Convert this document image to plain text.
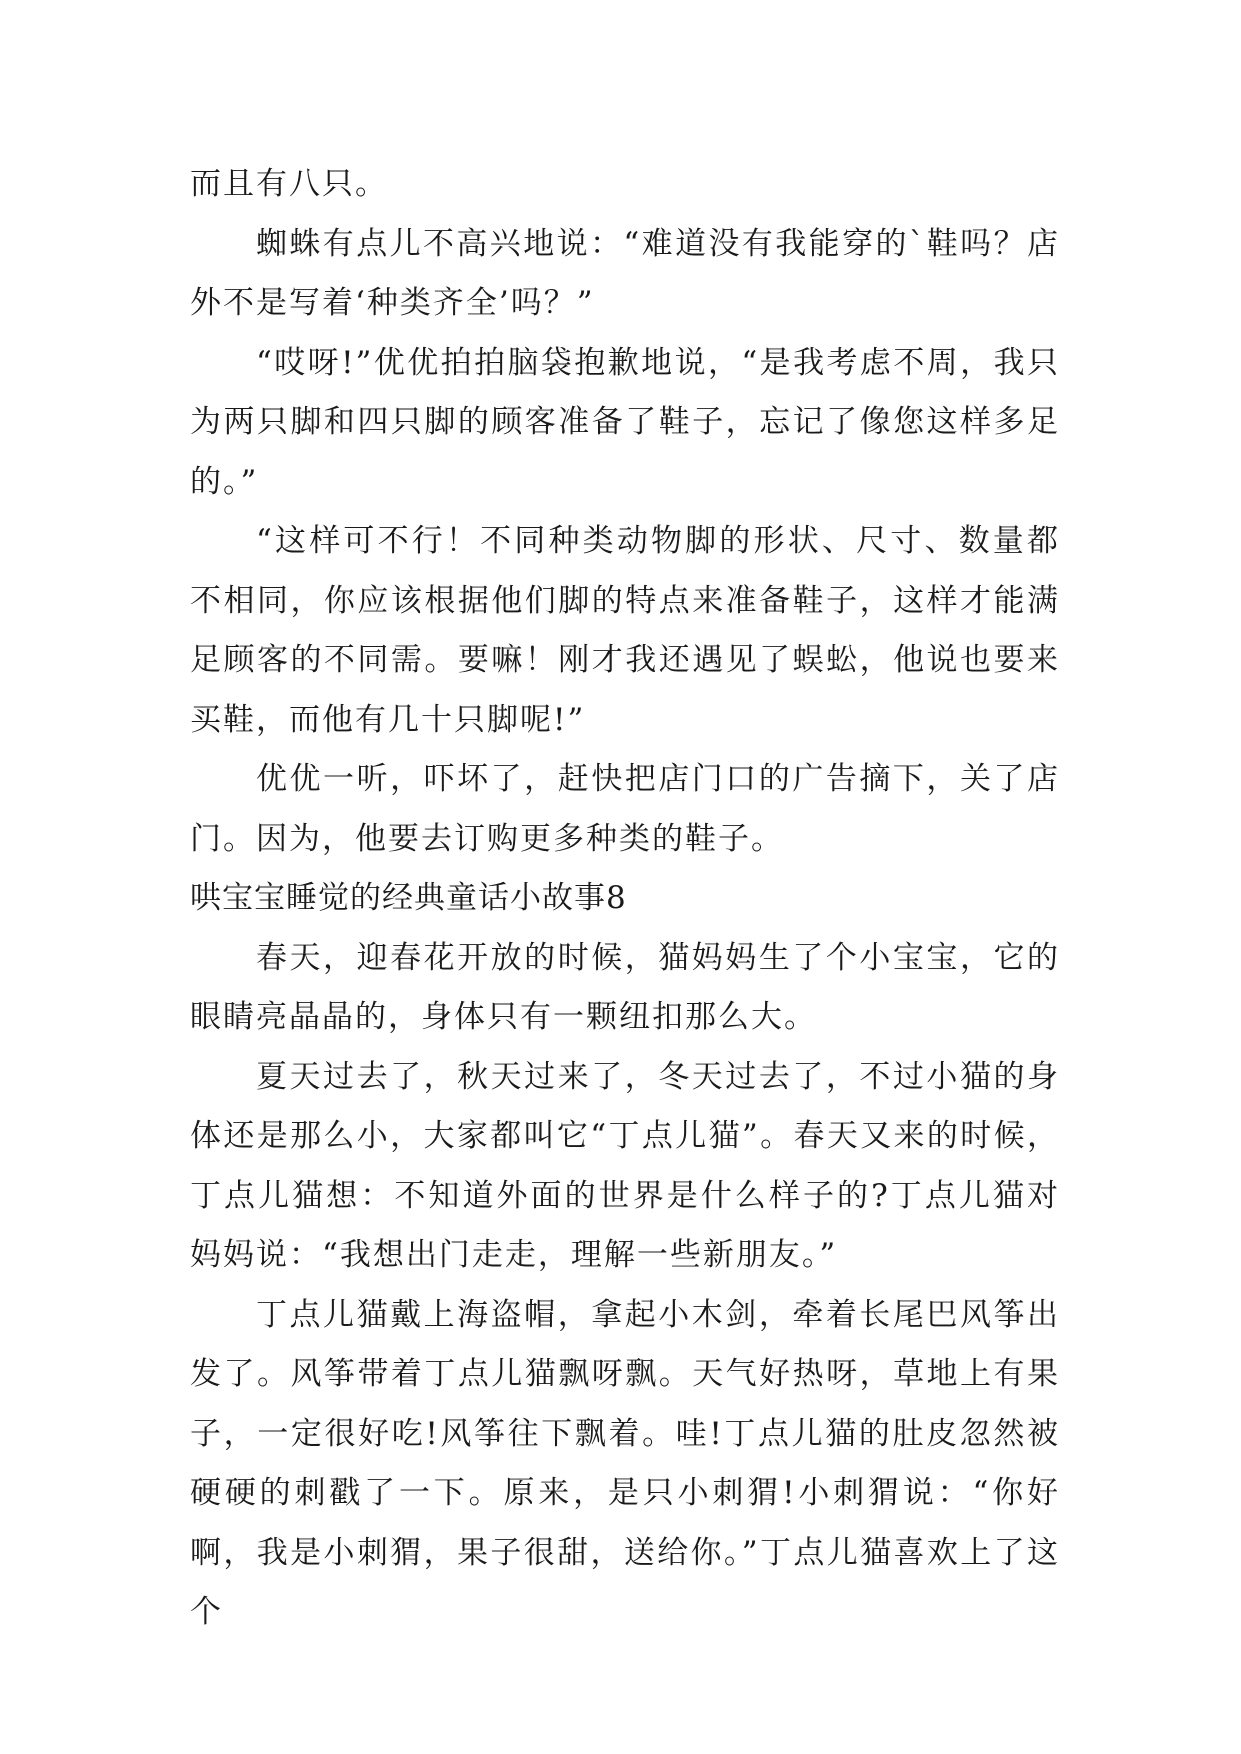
而且有八只。

蜘蛛有点儿不高兴地说：“难道没有我能穿的`鞋吗？店外不是写着‘种类齐全’吗？”

“哎呀!”优优拍拍脑袋抱歉地说，“是我考虑不周，我只为两只脚和四只脚的顾客准备了鞋子，忘记了像您这样多足的。”

“这样可不行！不同种类动物脚的形状、尺寸、数量都不相同，你应该根据他们脚的特点来准备鞋子，这样才能满足顾客的不同需。要嘛！刚才我还遇见了蜈蚣，他说也要来买鞋，而他有几十只脚呢!”

优优一听，吓坏了，赶快把店门口的广告摘下，关了店门。因为，他要去订购更多种类的鞋子。

哄宝宝睡觉的经典童话小故事8

春天，迎春花开放的时候，猫妈妈生了个小宝宝，它的眼睛亮晶晶的，身体只有一颗纽扣那么大。

夏天过去了，秋天过来了，冬天过去了，不过小猫的身体还是那么小，大家都叫它“丁点儿猫”。春天又来的时候，丁点儿猫想：不知道外面的世界是什么样子的?丁点儿猫对妈妈说：“我想出门走走，理解一些新朋友。”

丁点儿猫戴上海盗帽，拿起小木剑，牵着长尾巴风筝出发了。风筝带着丁点儿猫飘呀飘。天气好热呀，草地上有果子，一定很好吃!风筝往下飘着。哇!丁点儿猫的肚皮忽然被硬硬的刺戳了一下。原来，是只小刺猬!小刺猬说：“你好啊，我是小刺猬，果子很甜，送给你。”丁点儿猫喜欢上了这个
